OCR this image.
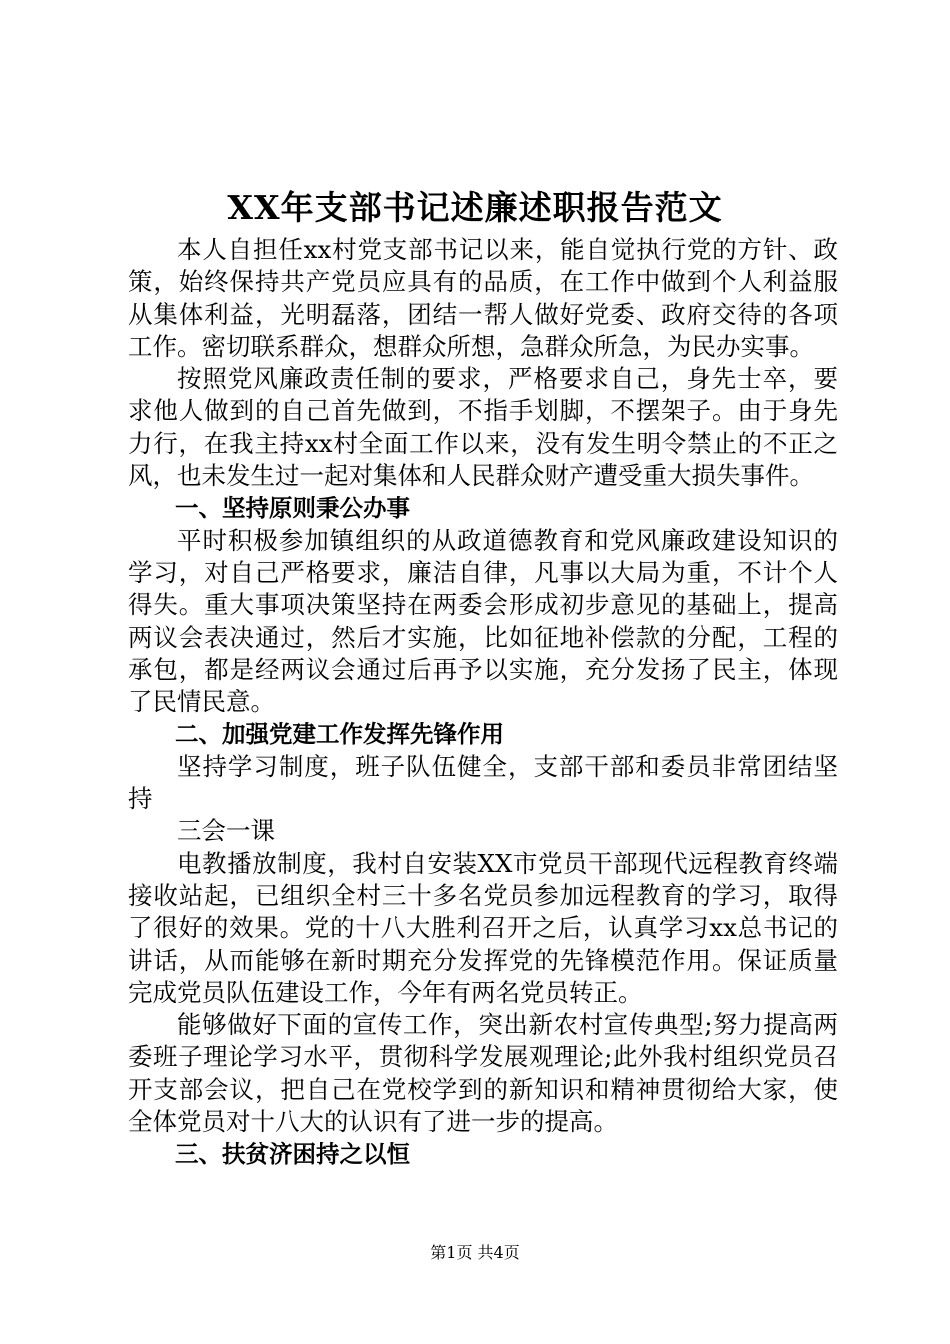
XX年支部书记述廉述职报告范文

本人自担任xx村党支部书记以来，能自觉执行党的方针、政策，始终保持共产党员应具有的品质，在工作中做到个人利益服从集体利益，光明磊落，团结一帮人做好党委、政府交待的各项工作。密切联系群众，想群众所想，急群众所急，为民办实事。

按照党风廉政责任制的要求，严格要求自己，身先士卒，要求他人做到的自己首先做到，不指手划脚，不摆架子。由于身先力行，在我主持xx村全面工作以来，没有发生明令禁止的不正之风，也未发生过一起对集体和人民群众财产遭受重大损失事件。

一、坚持原则秉公办事

平时积极参加镇组织的从政道德教育和党风廉政建设知识的学习，对自己严格要求，廉洁自律，凡事以大局为重，不计个人得失。重大事项决策坚持在两委会形成初步意见的基础上，提高两议会表决通过，然后才实施，比如征地补偿款的分配，工程的承包，都是经两议会通过后再予以实施，充分发扬了民主，体现了民情民意。

二、加强党建工作发挥先锋作用

坚持学习制度，班子队伍健全，支部干部和委员非常团结坚持

三会一课

电教播放制度，我村自安装XX市党员干部现代远程教育终端接收站起，已组织全村三十多名党员参加远程教育的学习，取得了很好的效果。党的十八大胜利召开之后，认真学习xx总书记的讲话，从而能够在新时期充分发挥党的先锋模范作用。保证质量完成党员队伍建设工作，今年有两名党员转正。

能够做好下面的宣传工作，突出新农村宣传典型;努力提高两委班子理论学习水平，贯彻科学发展观理论;此外我村组织党员召开支部会议，把自己在党校学到的新知识和精神贯彻给大家，使全体党员对十八大的认识有了进一步的提高。

三、扶贫济困持之以恒

第1页 共4页
